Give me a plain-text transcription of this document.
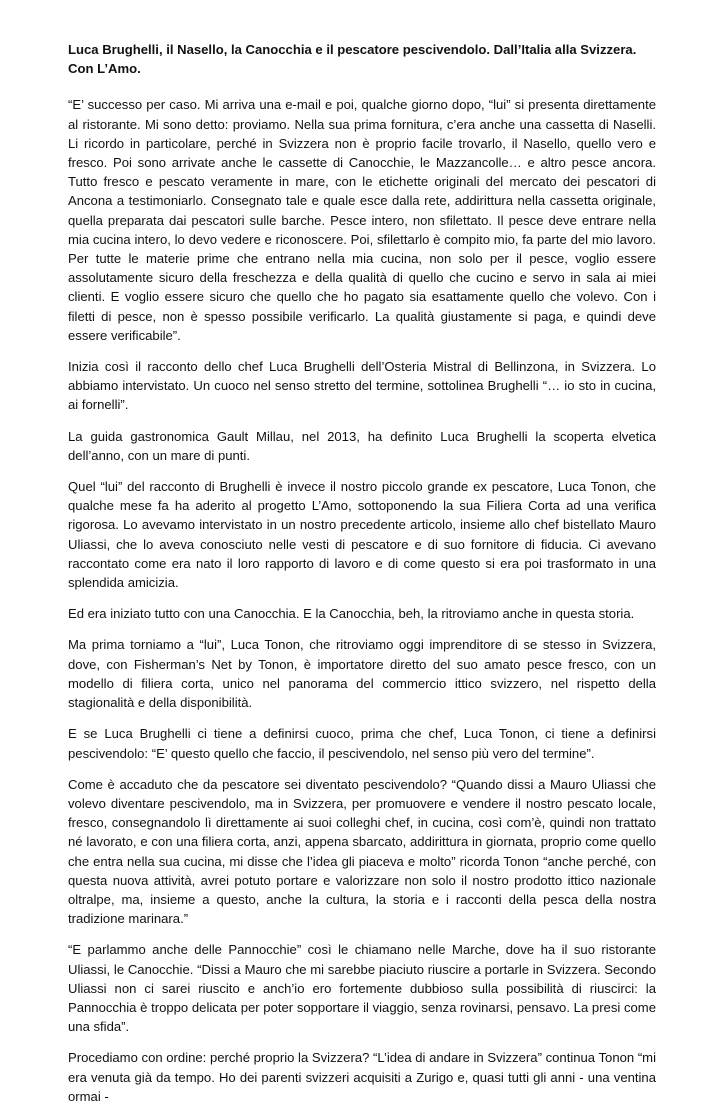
Luca Brughelli, il Nasello, la Canocchia e il pescatore pescivendolo. Dall’Italia alla Svizzera. Con L’Amo.

“E’ successo per caso. Mi arriva una e-mail e poi, qualche giorno dopo, “lui” si presenta direttamente al ristorante. Mi sono detto: proviamo. Nella sua prima fornitura, c’era anche una cassetta di Naselli. Li ricordo in particolare, perché in Svizzera non è proprio facile trovarlo, il Nasello, quello vero e fresco. Poi sono arrivate anche le cassette di Canocchie, le Mazzancolle… e altro pesce ancora. Tutto fresco e pescato veramente in mare, con le etichette originali del mercato dei pescatori di Ancona a testimoniarlo. Consegnato tale e quale esce dalla rete, addirittura nella cassetta originale, quella preparata dai pescatori sulle barche. Pesce intero, non sfilettato. Il pesce deve entrare nella mia cucina intero, lo devo vedere e riconoscere. Poi, sfilettarlo è compito mio, fa parte del mio lavoro. Per tutte le materie prime che entrano nella mia cucina, non solo per il pesce, voglio essere assolutamente sicuro della freschezza e della qualità di quello che cucino e servo in sala ai miei clienti. E voglio essere sicuro che quello che ho pagato sia esattamente quello che volevo. Con i filetti di pesce, non è spesso possibile verificarlo. La qualità giustamente si paga, e quindi deve essere verificabile”.

Inizia così il racconto dello chef Luca Brughelli dell’Osteria Mistral di Bellinzona, in Svizzera. Lo abbiamo intervistato. Un cuoco nel senso stretto del termine, sottolinea Brughelli “… io sto in cucina, ai fornelli”.

La guida gastronomica Gault Millau, nel 2013, ha definito Luca Brughelli la scoperta elvetica dell’anno, con un mare di punti.

Quel “lui” del racconto di Brughelli è invece il nostro piccolo grande ex pescatore, Luca Tonon, che qualche mese fa ha aderito al progetto L’Amo, sottoponendo la sua Filiera Corta ad una verifica rigorosa. Lo avevamo intervistato in un nostro precedente articolo, insieme allo chef bistellato Mauro Uliassi, che lo aveva conosciuto nelle vesti di pescatore e di suo fornitore di fiducia. Ci avevano raccontato come era nato il loro rapporto di lavoro e di come questo si era poi trasformato in una splendida amicizia.

Ed era iniziato tutto con una Canocchia. E la Canocchia, beh, la ritroviamo anche in questa storia.

Ma prima torniamo a “lui”, Luca Tonon, che ritroviamo oggi imprenditore di se stesso in Svizzera, dove, con Fisherman’s Net by Tonon, è importatore diretto del suo amato pesce fresco, con un modello di filiera corta, unico nel panorama del commercio ittico svizzero, nel rispetto della stagionalità e della disponibilità.

E se Luca Brughelli ci tiene a definirsi cuoco, prima che chef, Luca Tonon, ci tiene a definirsi pescivendolo: “E’ questo quello che faccio, il pescivendolo, nel senso più vero del termine”.

Come è accaduto che da pescatore sei diventato pescivendolo? “Quando dissi a Mauro Uliassi che volevo diventare pescivendolo, ma in Svizzera, per promuovere e vendere il nostro pescato locale, fresco, consegnandolo lì direttamente ai suoi colleghi chef, in cucina, così com’è, quindi non trattato né lavorato, e con una filiera corta, anzi, appena sbarcato, addirittura in giornata, proprio come quello che entra nella sua cucina, mi disse che l’idea gli piaceva e molto” ricorda Tonon “anche perché, con questa nuova attività, avrei potuto portare e valorizzare non solo il nostro prodotto ittico nazionale oltralpe, ma, insieme a questo, anche la cultura, la storia e i racconti della pesca della nostra tradizione marinara.”

“E parlammo anche delle Pannocchie” così le chiamano nelle Marche, dove ha il suo ristorante Uliassi, le Canocchie. “Dissi a Mauro che mi sarebbe piaciuto riuscire a portarle in Svizzera. Secondo Uliassi non ci sarei riuscito e anch’io ero fortemente dubbioso sulla possibilità di riuscirci: la Pannocchia è troppo delicata per poter sopportare il viaggio, senza rovinarsi, pensavo. La presi come una sfida”.

Procediamo con ordine: perché proprio la Svizzera? “L’idea di andare in Svizzera” continua Tonon “mi era venuta già da tempo. Ho dei parenti svizzeri acquisiti a Zurigo e, quasi tutti gli anni - una ventina ormai -
